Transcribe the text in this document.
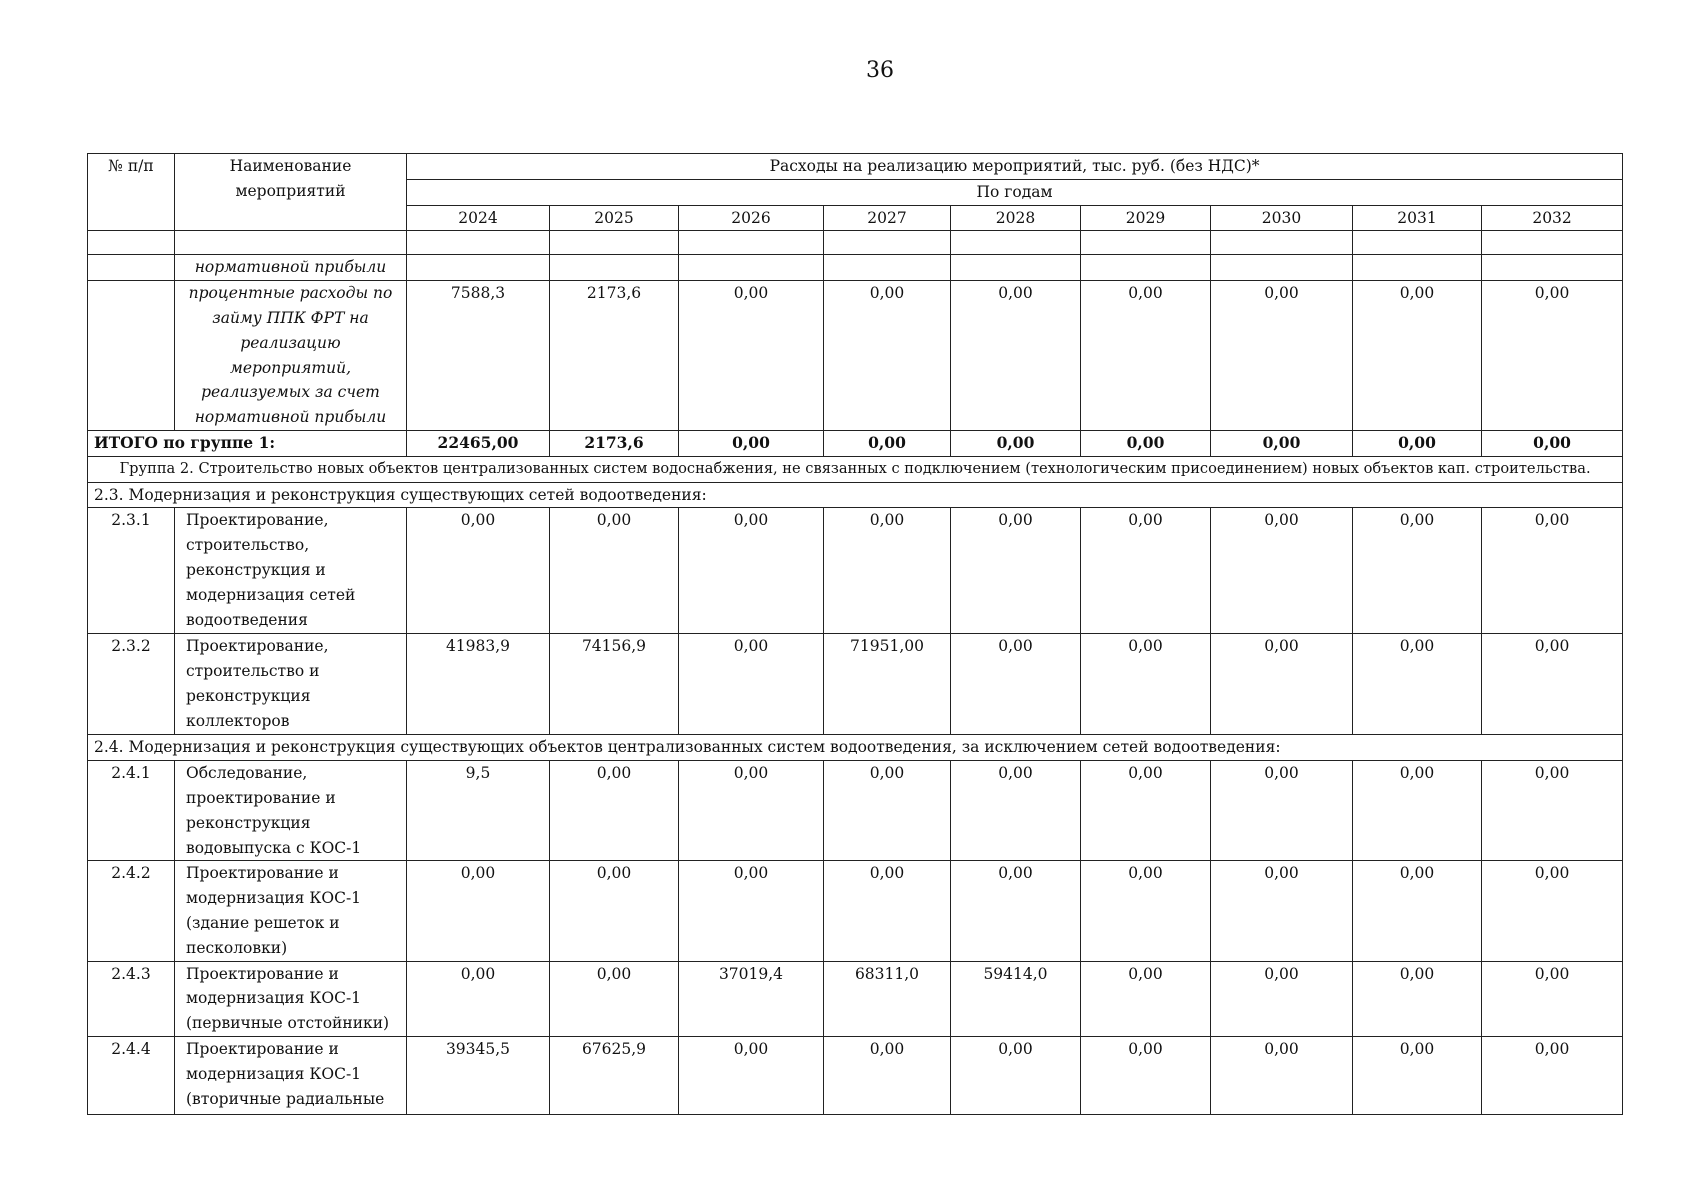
36
№ п/п	Наименование мероприятий	Расходы на реализацию мероприятий, тыс. руб. (без НДС)*								
		По годам								
		2024	2025	2026	2027	2028	2029	2030	2031	2032

	нормативной прибыли									
	процентные расходы по займу ППК ФРТ на реализацию мероприятий, реализуемых за счет нормативной прибыли	7588,3	2173,6	0,00	0,00	0,00	0,00	0,00	0,00	0,00
ИТОГО по группе 1:		22465,00	2173,6	0,00	0,00	0,00	0,00	0,00	0,00	0,00
Группа 2. Строительство новых объектов централизованных систем водоснабжения, не связанных с подключением (технологическим присоединением) новых объектов кап. строительства.										
2.3. Модернизация и реконструкция существующих сетей водоотведения:										
2.3.1	Проектирование, строительство, реконструкция и модернизация сетей водоотведения	0,00	0,00	0,00	0,00	0,00	0,00	0,00	0,00	0,00
2.3.2	Проектирование, строительство и реконструкция коллекторов	41983,9	74156,9	0,00	71951,00	0,00	0,00	0,00	0,00	0,00
2.4. Модернизация и реконструкция существующих объектов централизованных систем водоотведения, за исключением сетей водоотведения:										
2.4.1	Обследование, проектирование и реконструкция водовыпуска с КОС-1	9,5	0,00	0,00	0,00	0,00	0,00	0,00	0,00	0,00
2.4.2	Проектирование и модернизация КОС-1 (здание решеток и песколовки)	0,00	0,00	0,00	0,00	0,00	0,00	0,00	0,00	0,00
2.4.3	Проектирование и модернизация КОС-1 (первичные отстойники)	0,00	0,00	37019,4	68311,0	59414,0	0,00	0,00	0,00	0,00
2.4.4	Проектирование и модернизация КОС-1 (вторичные радиальные	39345,5	67625,9	0,00	0,00	0,00	0,00	0,00	0,00	0,00
